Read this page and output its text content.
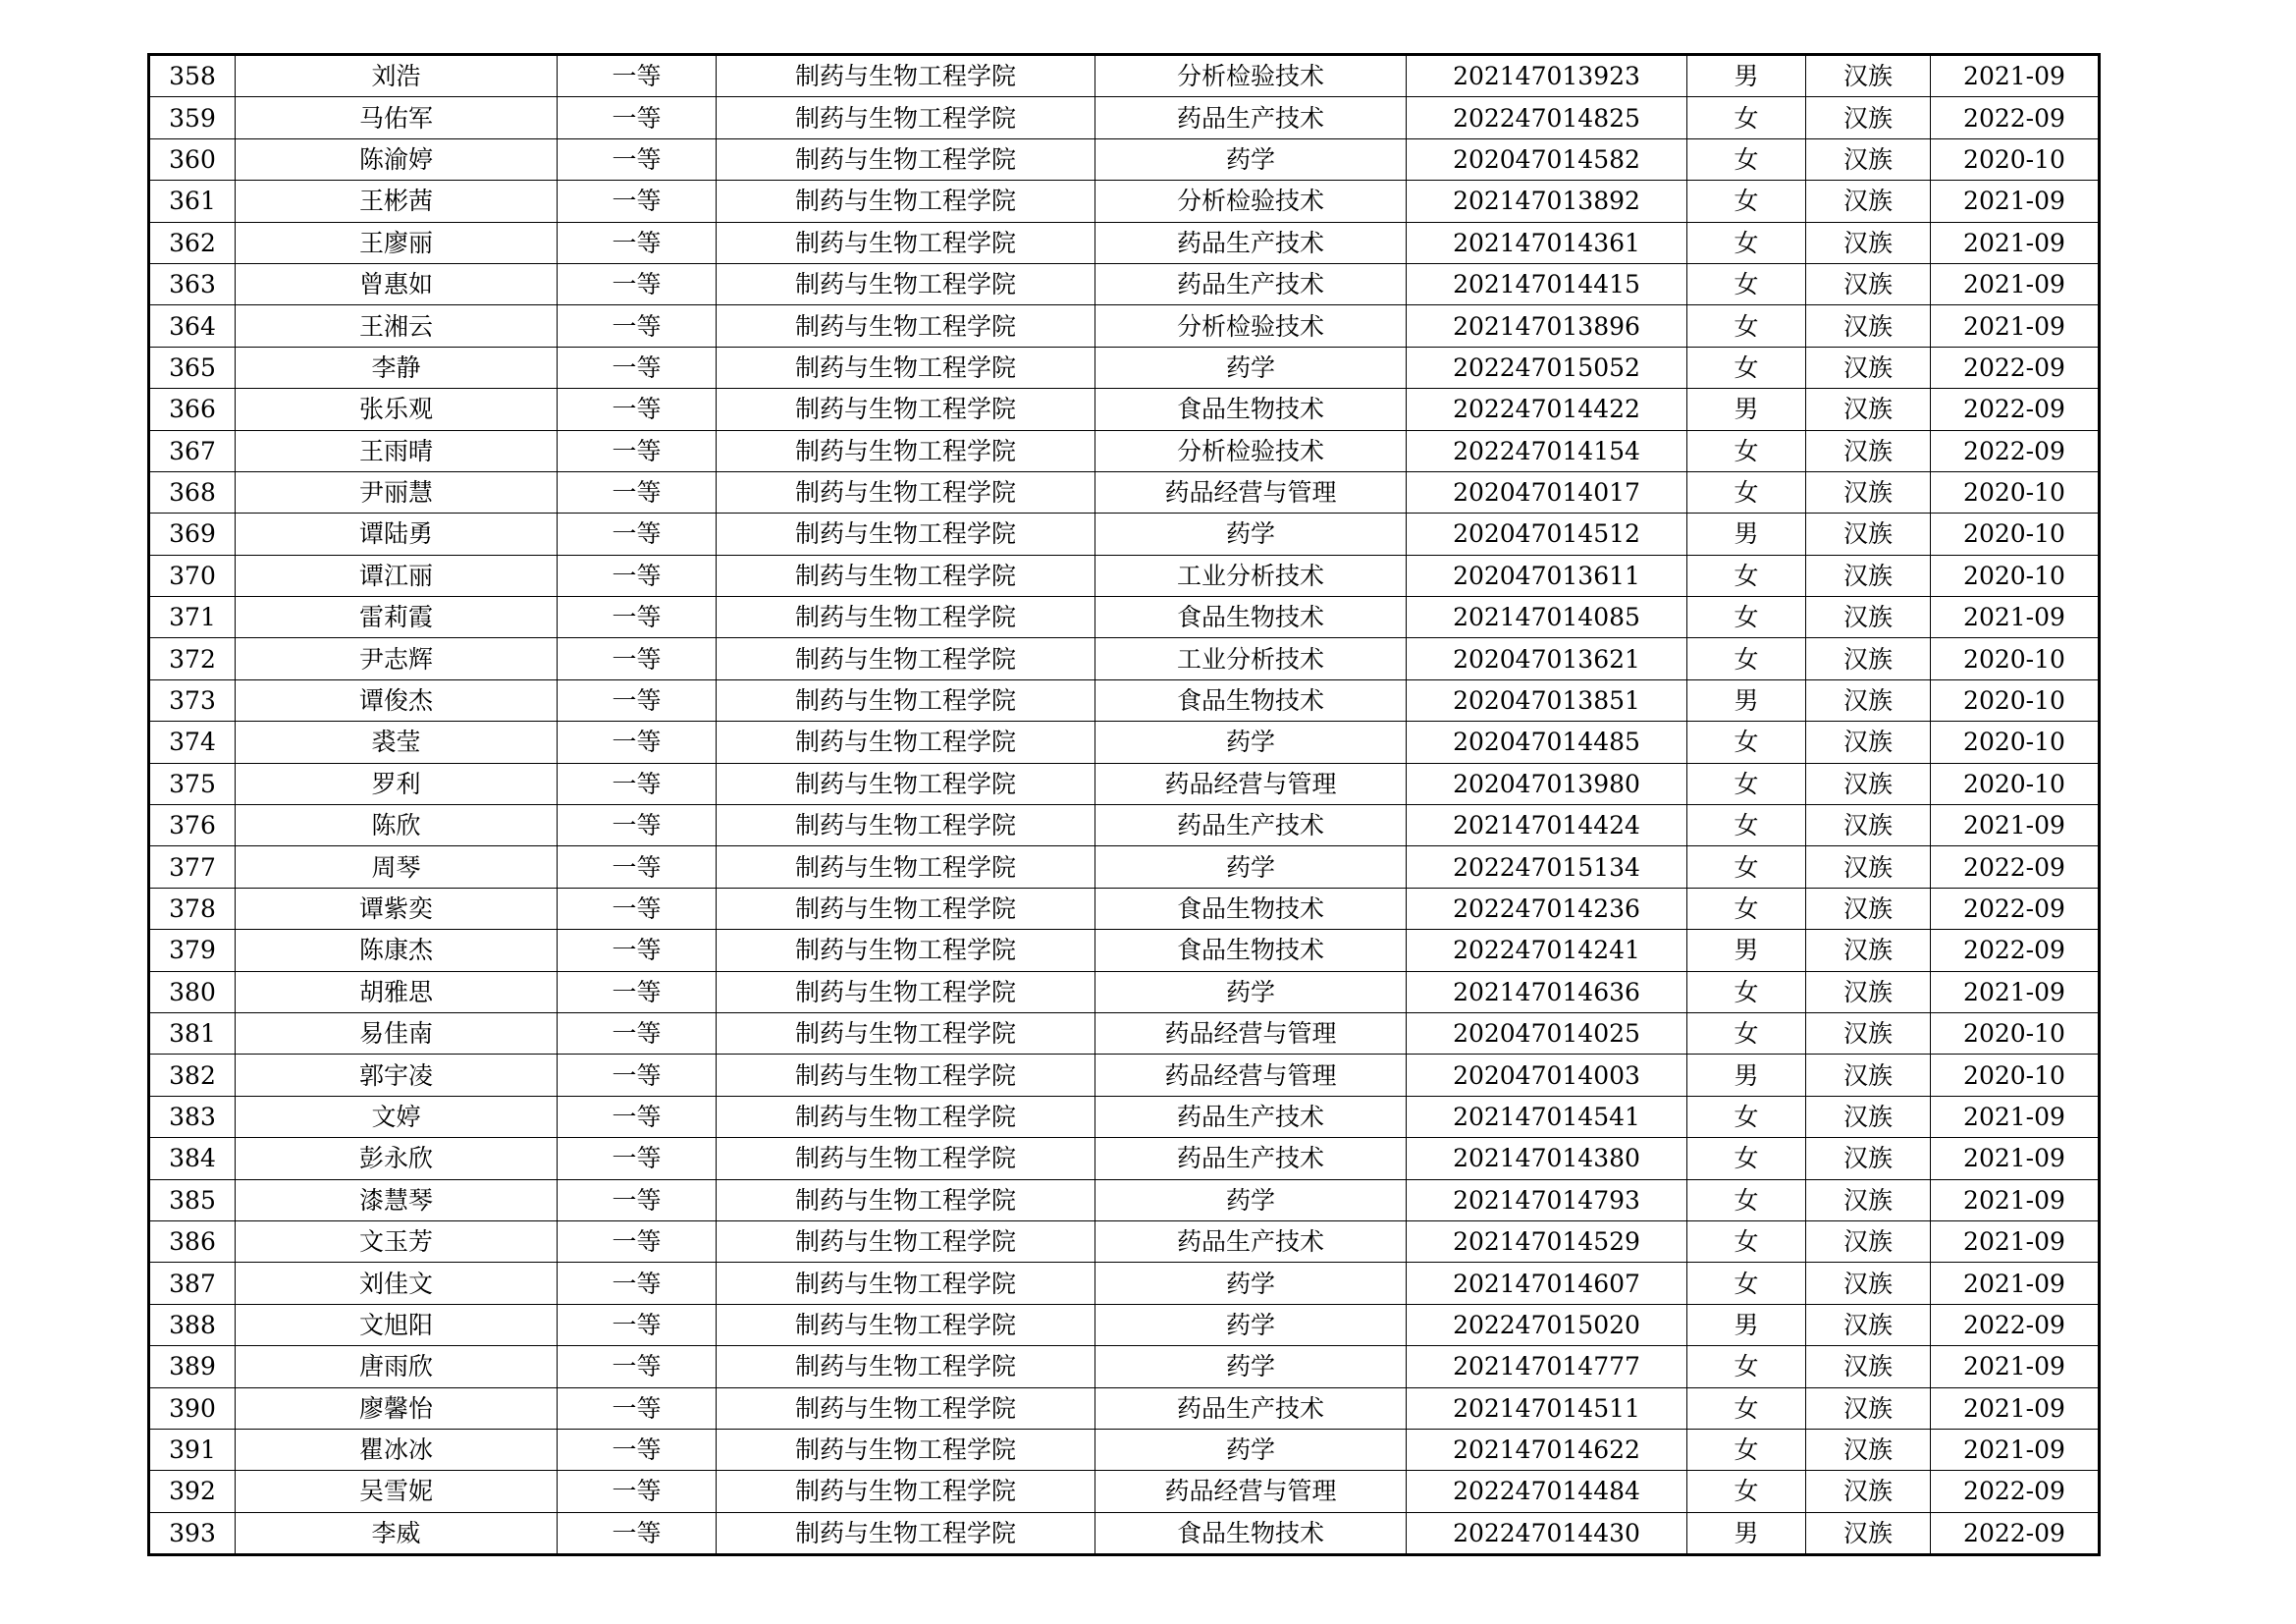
358	刘浩	一等	制药与生物工程学院	分析检验技术	202147013923	男	汉族	2021-09
359	马佑军	一等	制药与生物工程学院	药品生产技术	202247014825	女	汉族	2022-09
360	陈渝婷	一等	制药与生物工程学院	药学	202047014582	女	汉族	2020-10
361	王彬茜	一等	制药与生物工程学院	分析检验技术	202147013892	女	汉族	2021-09
362	王廖丽	一等	制药与生物工程学院	药品生产技术	202147014361	女	汉族	2021-09
363	曾惠如	一等	制药与生物工程学院	药品生产技术	202147014415	女	汉族	2021-09
364	王湘云	一等	制药与生物工程学院	分析检验技术	202147013896	女	汉族	2021-09
365	李静	一等	制药与生物工程学院	药学	202247015052	女	汉族	2022-09
366	张乐观	一等	制药与生物工程学院	食品生物技术	202247014422	男	汉族	2022-09
367	王雨晴	一等	制药与生物工程学院	分析检验技术	202247014154	女	汉族	2022-09
368	尹丽慧	一等	制药与生物工程学院	药品经营与管理	202047014017	女	汉族	2020-10
369	谭陆勇	一等	制药与生物工程学院	药学	202047014512	男	汉族	2020-10
370	谭江丽	一等	制药与生物工程学院	工业分析技术	202047013611	女	汉族	2020-10
371	雷莉霞	一等	制药与生物工程学院	食品生物技术	202147014085	女	汉族	2021-09
372	尹志辉	一等	制药与生物工程学院	工业分析技术	202047013621	女	汉族	2020-10
373	谭俊杰	一等	制药与生物工程学院	食品生物技术	202047013851	男	汉族	2020-10
374	裘莹	一等	制药与生物工程学院	药学	202047014485	女	汉族	2020-10
375	罗利	一等	制药与生物工程学院	药品经营与管理	202047013980	女	汉族	2020-10
376	陈欣	一等	制药与生物工程学院	药品生产技术	202147014424	女	汉族	2021-09
377	周琴	一等	制药与生物工程学院	药学	202247015134	女	汉族	2022-09
378	谭紫奕	一等	制药与生物工程学院	食品生物技术	202247014236	女	汉族	2022-09
379	陈康杰	一等	制药与生物工程学院	食品生物技术	202247014241	男	汉族	2022-09
380	胡雅思	一等	制药与生物工程学院	药学	202147014636	女	汉族	2021-09
381	易佳南	一等	制药与生物工程学院	药品经营与管理	202047014025	女	汉族	2020-10
382	郭宇凌	一等	制药与生物工程学院	药品经营与管理	202047014003	男	汉族	2020-10
383	文婷	一等	制药与生物工程学院	药品生产技术	202147014541	女	汉族	2021-09
384	彭永欣	一等	制药与生物工程学院	药品生产技术	202147014380	女	汉族	2021-09
385	漆慧琴	一等	制药与生物工程学院	药学	202147014793	女	汉族	2021-09
386	文玉芳	一等	制药与生物工程学院	药品生产技术	202147014529	女	汉族	2021-09
387	刘佳文	一等	制药与生物工程学院	药学	202147014607	女	汉族	2021-09
388	文旭阳	一等	制药与生物工程学院	药学	202247015020	男	汉族	2022-09
389	唐雨欣	一等	制药与生物工程学院	药学	202147014777	女	汉族	2021-09
390	廖馨怡	一等	制药与生物工程学院	药品生产技术	202147014511	女	汉族	2021-09
391	瞿冰冰	一等	制药与生物工程学院	药学	202147014622	女	汉族	2021-09
392	吴雪妮	一等	制药与生物工程学院	药品经营与管理	202247014484	女	汉族	2022-09
393	李威	一等	制药与生物工程学院	食品生物技术	202247014430	男	汉族	2022-09
